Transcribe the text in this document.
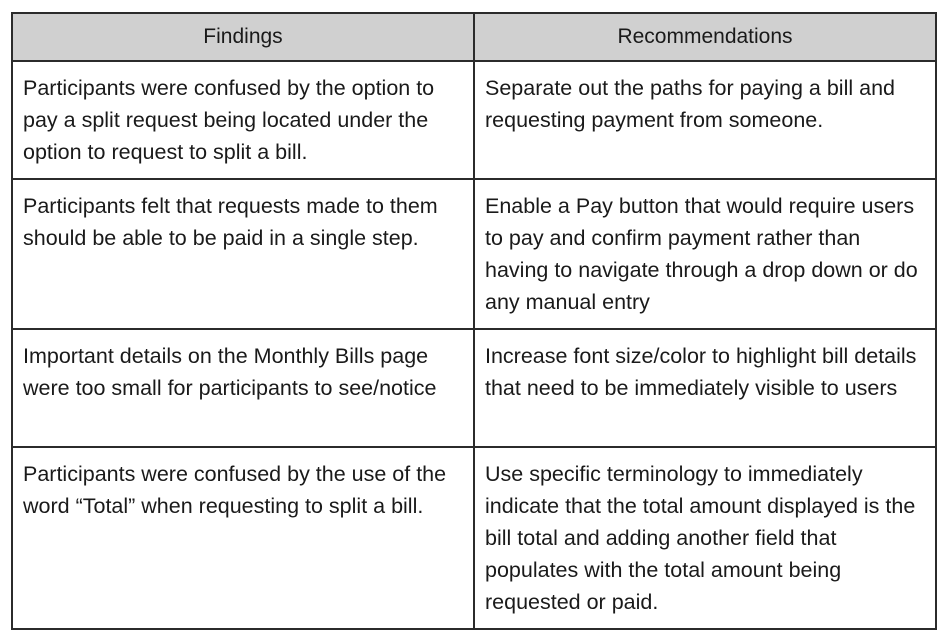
Findings	Recommendations
Participants were confused by the option to pay a split request being located under the option to request to split a bill.	Separate out the paths for paying a bill and requesting payment from someone.
Participants felt that requests made to them should be able to be paid in a single step.	Enable a Pay button that would require users to pay and confirm payment rather than having to navigate through a drop down or do any manual entry
Important details on the Monthly Bills page were too small for participants to see/notice	Increase font size/color to highlight bill details that need to be immediately visible to users
Participants were confused by the use of the word “Total” when requesting to split a bill.	Use specific terminology to immediately indicate that the total amount displayed is the bill total and adding another field that populates with the total amount being requested or paid.
